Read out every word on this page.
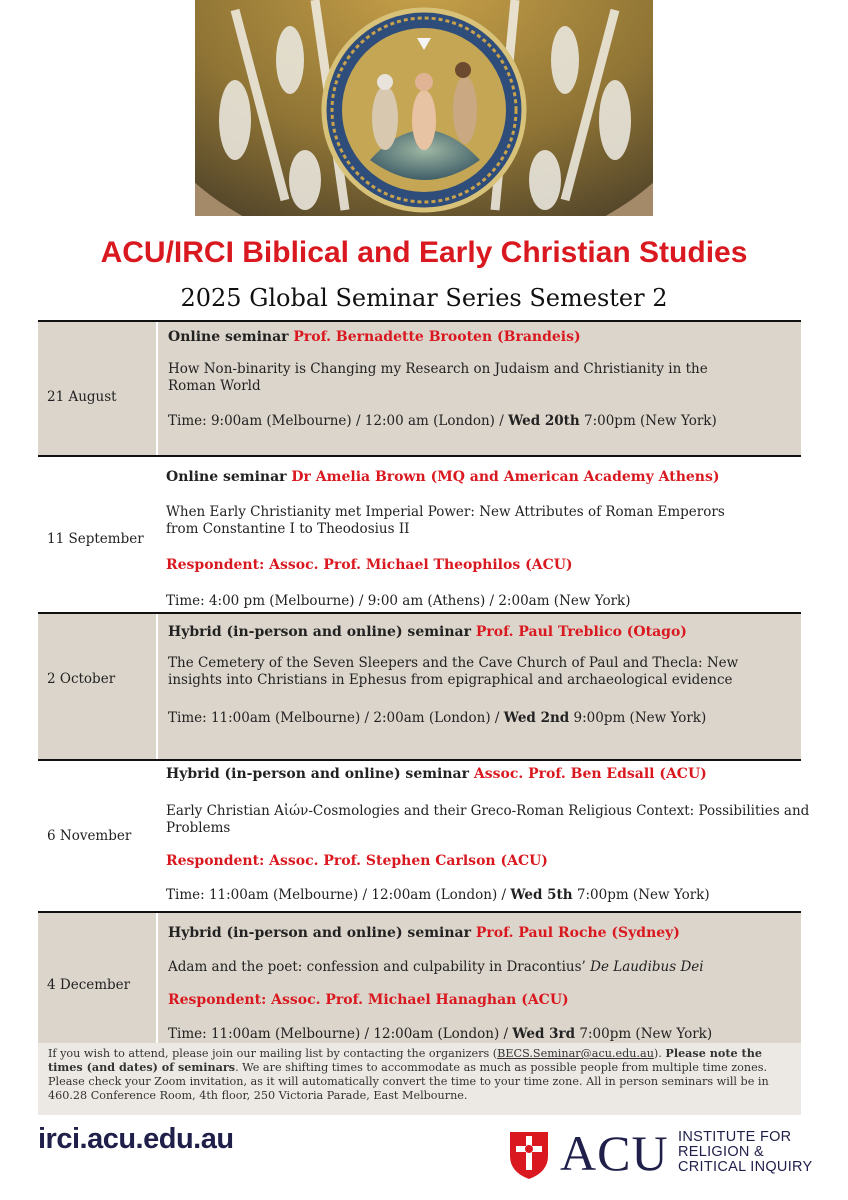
ACU/IRCI Biblical and Early Christian Studies
2025 Global Seminar Series Semester 2
21 August
Online seminar Prof. Bernadette Brooten (Brandeis)
How Non-binarity is Changing my Research on Judaism and Christianity in the
Roman World
Time: 9:00am (Melbourne) / 12:00 am (London) / Wed 20th 7:00pm (New York)
11 September
Online seminar Dr Amelia Brown (MQ and American Academy Athens)
When Early Christianity met Imperial Power: New Attributes of Roman Emperors
from Constantine I to Theodosius II
Respondent: Assoc. Prof. Michael Theophilos (ACU)
Time: 4:00 pm (Melbourne) / 9:00 am (Athens) / 2:00am (New York)
2 October
Hybrid (in-person and online) seminar Prof. Paul Treblico (Otago)
The Cemetery of the Seven Sleepers and the Cave Church of Paul and Thecla: New
insights into Christians in Ephesus from epigraphical and archaeological evidence
Time: 11:00am (Melbourne) / 2:00am (London) / Wed 2nd 9:00pm (New York)
6 November
Hybrid (in-person and online) seminar Assoc. Prof. Ben Edsall (ACU)
Early Christian Αἰών-Cosmologies and their Greco-Roman Religious Context: Possibilities and
Problems
Respondent: Assoc. Prof. Stephen Carlson (ACU)
Time: 11:00am (Melbourne) / 12:00am (London) / Wed 5th 7:00pm (New York)
4 December
Hybrid (in-person and online) seminar Prof. Paul Roche (Sydney)
Adam and the poet: confession and culpability in Dracontius’ De Laudibus Dei
Respondent: Assoc. Prof. Michael Hanaghan (ACU)
Time: 11:00am (Melbourne) / 12:00am (London) / Wed 3rd 7:00pm (New York)
If you wish to attend, please join our mailing list by contacting the organizers (BECS.Seminar@acu.edu.au). Please note the
times (and dates) of seminars. We are shifting times to accommodate as much as possible people from multiple time zones.
Please check your Zoom invitation, as it will automatically convert the time to your time zone. All in person seminars will be in
460.28 Conference Room, 4th floor, 250 Victoria Parade, East Melbourne.
irci.acu.edu.au	ACU INSTITUTE FOR
RELIGION &
CRITICAL INQUIRY
